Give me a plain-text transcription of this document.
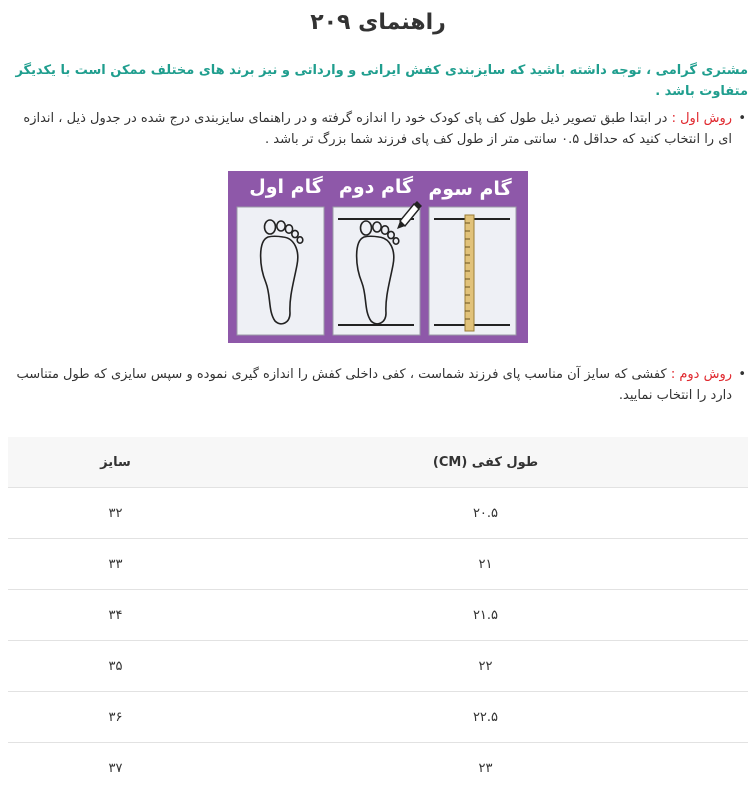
راهنمای ۲۰۹

مشتری گرامی ، توجه داشته باشید که سایزبندی کفش ایرانی و وارداتی و نیز برند های مختلف ممکن است با یکدیگر متفاوت باشد .

• روش اول : در ابتدا طبق تصویر ذیل طول کف پای کودک خود را اندازه گرفته و در راهنمای سایزبندی درج شده در جدول ذیل ، اندازه ای را انتخاب کنید که حداقل ۰.۵ سانتی متر از طول کف پای فرزند شما بزرگ تر باشد .

گام سوم
گام دوم
گام اول

• روش دوم : کفشی که سایز آن مناسب پای فرزند شماست ، کفی داخلی کفش را اندازه گیری نموده و سپس سایزی که طول متناسب دارد را انتخاب نمایید.

طول کفی (CM)	سایز
۲۰.۵	۳۲
۲۱	۳۳
۲۱.۵	۳۴
۲۲	۳۵
۲۲.۵	۳۶
۲۳	۳۷
